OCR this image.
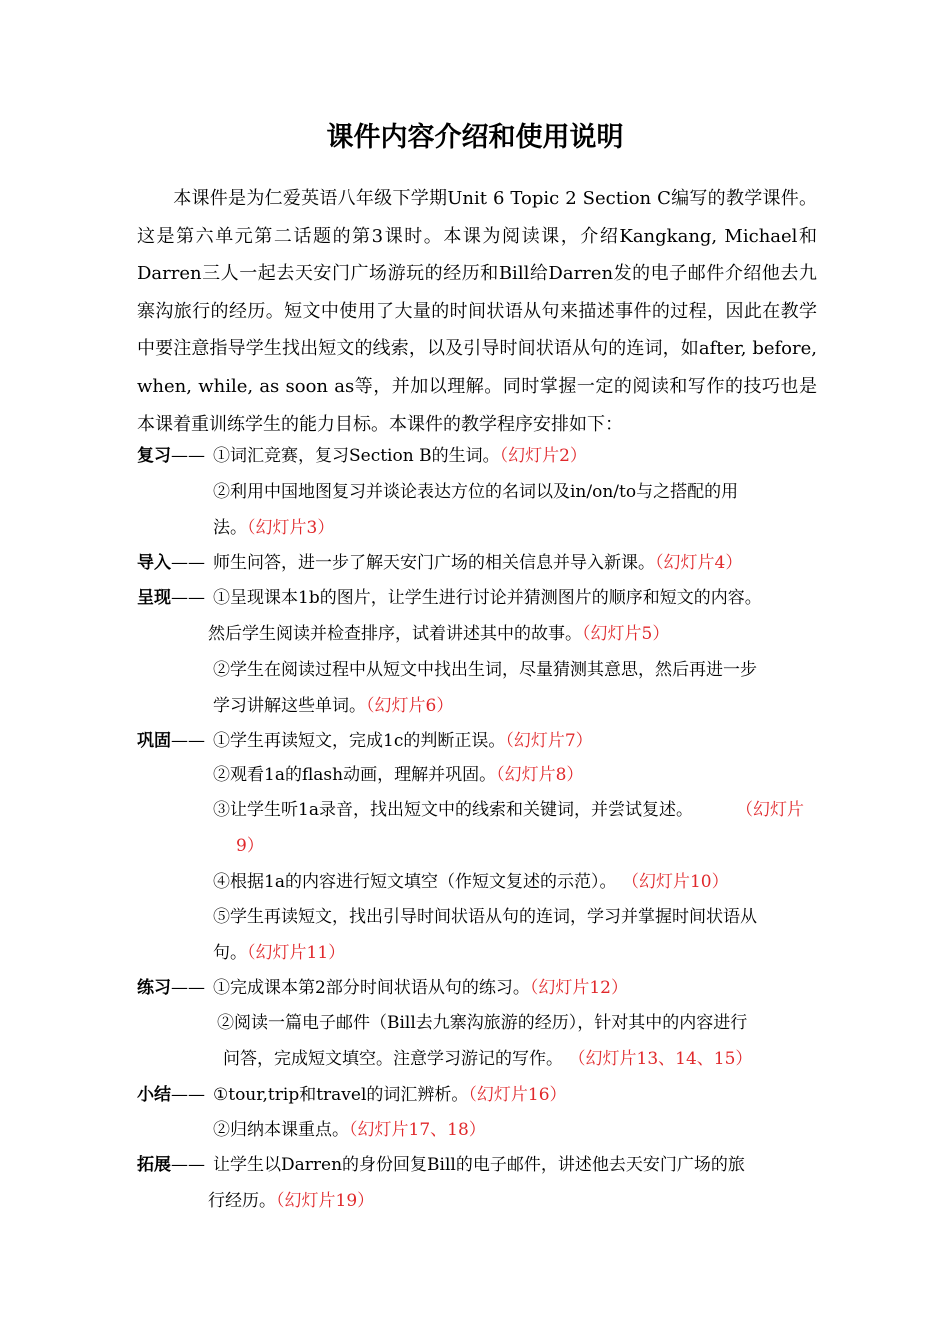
课件内容介绍和使用说明
本课件是为仁爱英语八年级下学期Unit 6 Topic 2 Section C编写的教学课件。这是第六单元第二话题的第3课时。本课为阅读课，介绍Kangkang, Michael和Darren三人一起去天安门广场游玩的经历和Bill给Darren发的电子邮件介绍他去九寨沟旅行的经历。短文中使用了大量的时间状语从句来描述事件的过程，因此在教学中要注意指导学生找出短文的线索，以及引导时间状语从句的连词，如after, before, when, while, as soon as等，并加以理解。同时掌握一定的阅读和写作的技巧也是本课着重训练学生的能力目标。本课件的教学程序安排如下：
复习—— ①词汇竞赛，复习Section B的生词。（幻灯片2）
②利用中国地图复习并谈论表达方位的名词以及in/on/to与之搭配的用
法。（幻灯片3）
导入—— 师生问答，进一步了解天安门广场的相关信息并导入新课。（幻灯片4）
呈现—— ①呈现课本1b的图片，让学生进行讨论并猜测图片的顺序和短文的内容。
然后学生阅读并检查排序，试着讲述其中的故事。（幻灯片5）
②学生在阅读过程中从短文中找出生词，尽量猜测其意思，然后再进一步
学习讲解这些单词。（幻灯片6）
巩固—— ①学生再读短文，完成1c的判断正误。（幻灯片7）
②观看1a的flash动画，理解并巩固。（幻灯片8）
③让学生听1a录音，找出短文中的线索和关键词，并尝试复述。	（幻灯片
9）
④根据1a的内容进行短文填空（作短文复述的示范）。 （幻灯片10）
⑤学生再读短文，找出引导时间状语从句的连词，学习并掌握时间状语从
句。（幻灯片11）
练习—— ①完成课本第2部分时间状语从句的练习。（幻灯片12）
②阅读一篇电子邮件（Bill去九寨沟旅游的经历），针对其中的内容进行
问答，完成短文填空。注意学习游记的写作。 （幻灯片13、14、15）
小结—— ①tour,trip和travel的词汇辨析。（幻灯片16）
②归纳本课重点。（幻灯片17、18）
拓展—— 让学生以Darren的身份回复Bill的电子邮件，讲述他去天安门广场的旅
行经历。（幻灯片19）
